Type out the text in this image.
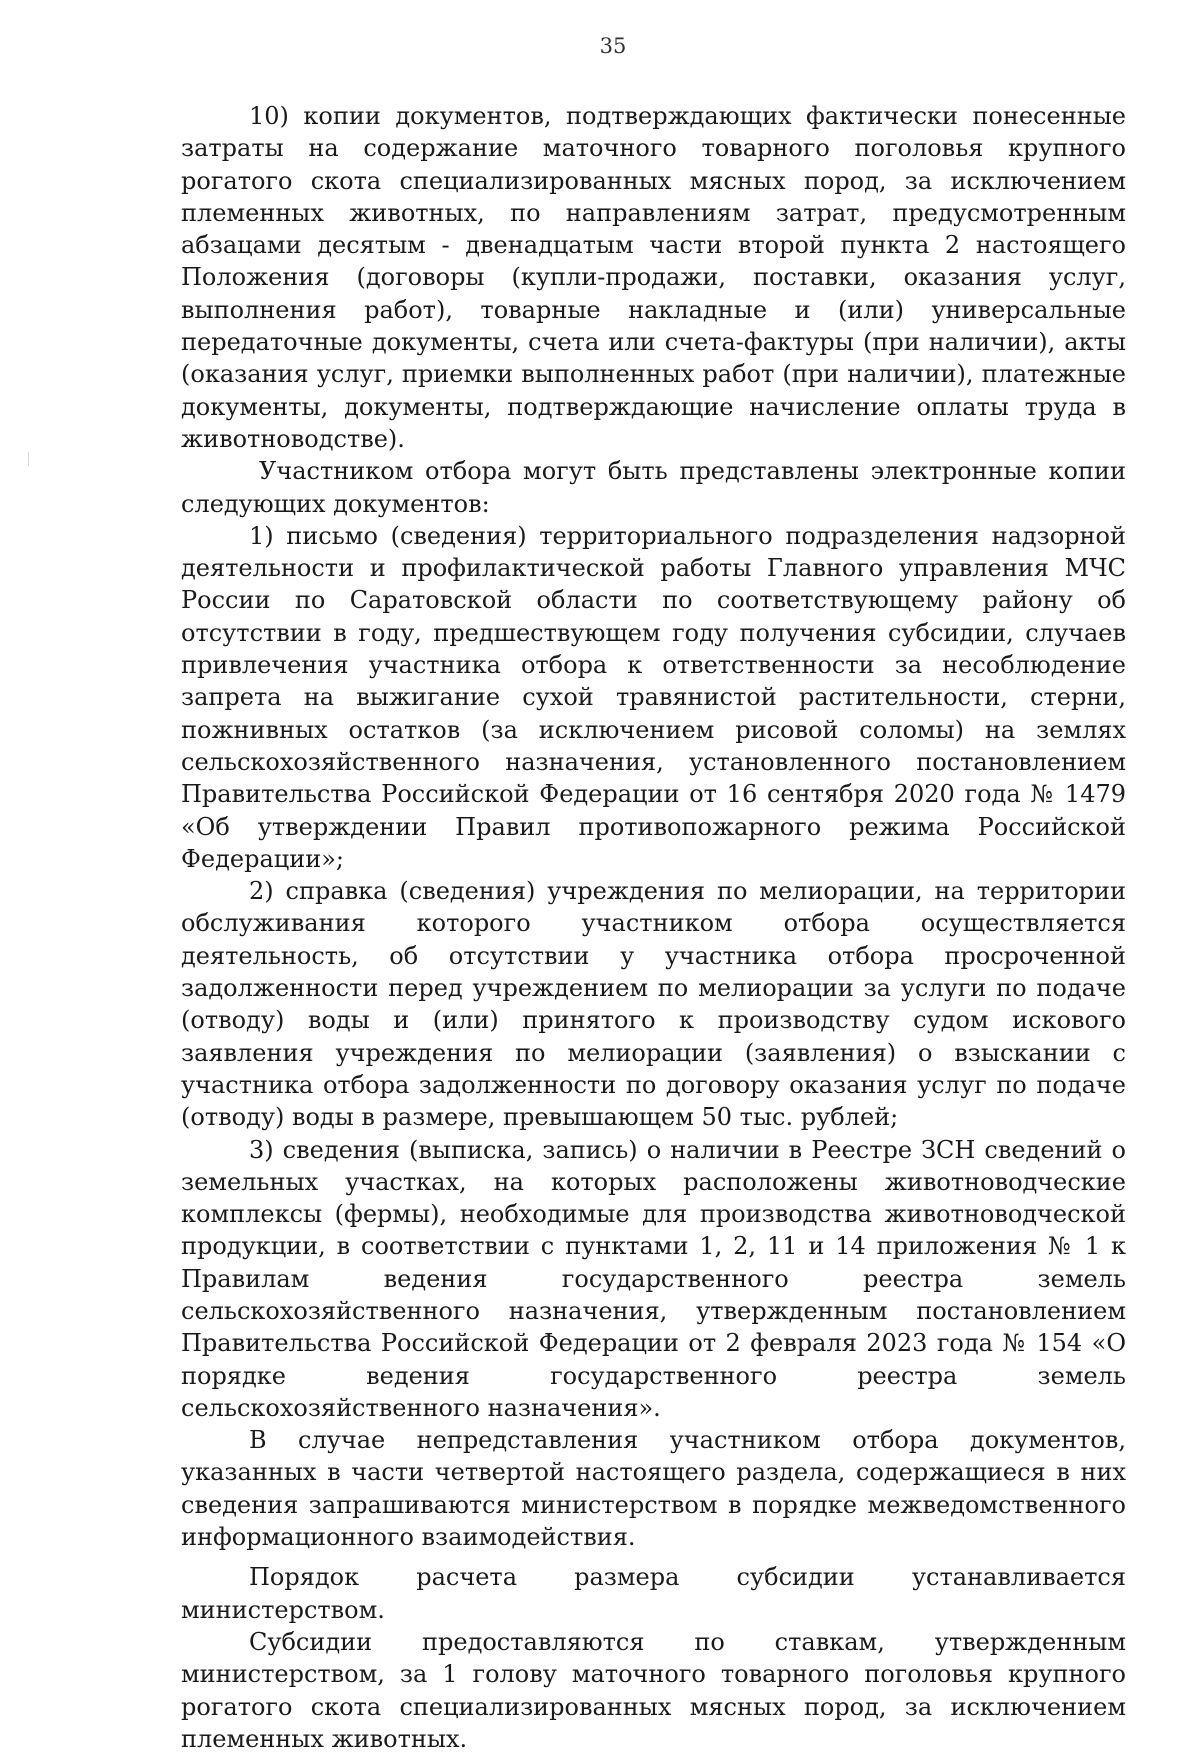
35

10) копии документов, подтверждающих фактически понесенные затраты на содержание маточного товарного поголовья крупного рогатого скота специализированных мясных пород, за исключением племенных животных, по направлениям затрат, предусмотренным абзацами десятым - двенадцатым части второй пункта 2 настоящего Положения (договоры (купли-продажи, поставки, оказания услуг, выполнения работ), товарные накладные и (или) универсальные передаточные документы, счета или счета-фактуры (при наличии), акты (оказания услуг, приемки выполненных работ (при наличии), платежные документы, документы, подтверждающие начисление оплаты труда в животноводстве).

Участником отбора могут быть представлены электронные копии следующих документов:

1) письмо (сведения) территориального подразделения надзорной деятельности и профилактической работы Главного управления МЧС России по Саратовской области по соответствующему району об отсутствии в году, предшествующем году получения субсидии, случаев привлечения участника отбора к ответственности за несоблюдение запрета на выжигание сухой травянистой растительности, стерни, пожнивных остатков (за исключением рисовой соломы) на землях сельскохозяйственного назначения, установленного постановлением Правительства Российской Федерации от 16 сентября 2020 года № 1479 «Об утверждении Правил противопожарного режима Российской Федерации»;

2) справка (сведения) учреждения по мелиорации, на территории обслуживания которого участником отбора осуществляется деятельность, об отсутствии у участника отбора просроченной задолженности перед учреждением по мелиорации за услуги по подаче (отводу) воды и (или) принятого к производству судом искового заявления учреждения по мелиорации (заявления) о взыскании с участника отбора задолженности по договору оказания услуг по подаче (отводу) воды в размере, превышающем 50 тыс. рублей;

3) сведения (выписка, запись) о наличии в Реестре ЗСН сведений о земельных участках, на которых расположены животноводческие комплексы (фермы), необходимые для производства животноводческой продукции, в соответствии с пунктами 1, 2, 11 и 14 приложения № 1 к Правилам ведения государственного реестра земель сельскохозяйственного назначения, утвержденным постановлением Правительства Российской Федерации от 2 февраля 2023 года № 154 «О порядке ведения государственного реестра земель сельскохозяйственного назначения».

В случае непредставления участником отбора документов, указанных в части четвертой настоящего раздела, содержащиеся в них сведения запрашиваются министерством в порядке межведомственного информационного взаимодействия.

Порядок расчета размера субсидии устанавливается министерством.

Субсидии предоставляются по ставкам, утвержденным министерством, за 1 голову маточного товарного поголовья крупного рогатого скота специализированных мясных пород, за исключением племенных животных.
